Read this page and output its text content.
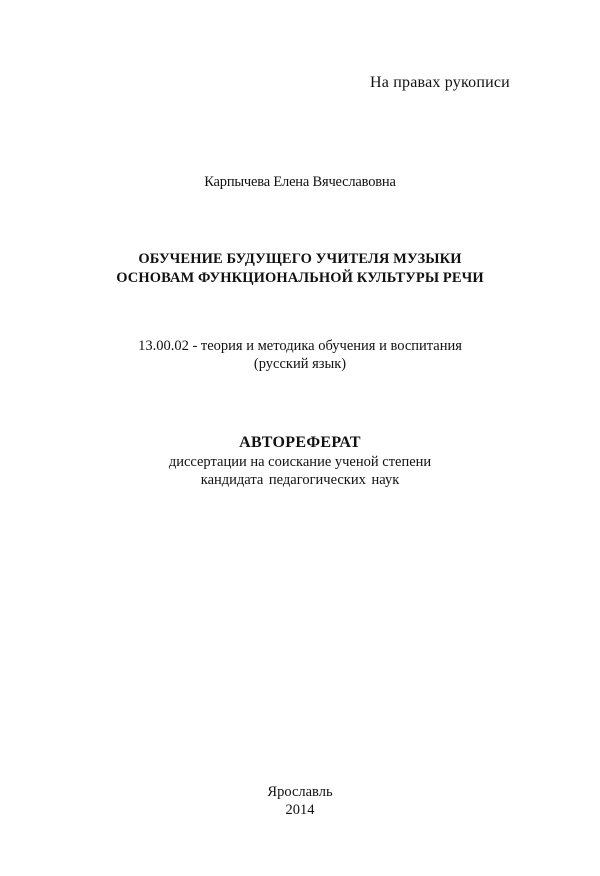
На правах рукописи
Карпычева Елена Вячеславовна
ОБУЧЕНИЕ БУДУЩЕГО УЧИТЕЛЯ МУЗЫКИ
ОСНОВАМ ФУНКЦИОНАЛЬНОЙ КУЛЬТУРЫ РЕЧИ
13.00.02 - теория и методика обучения и воспитания
(русский язык)
АВТОРЕФЕРАТ
диссертации на соискание ученой степени
кандидата педагогических наук
Ярославль
2014
